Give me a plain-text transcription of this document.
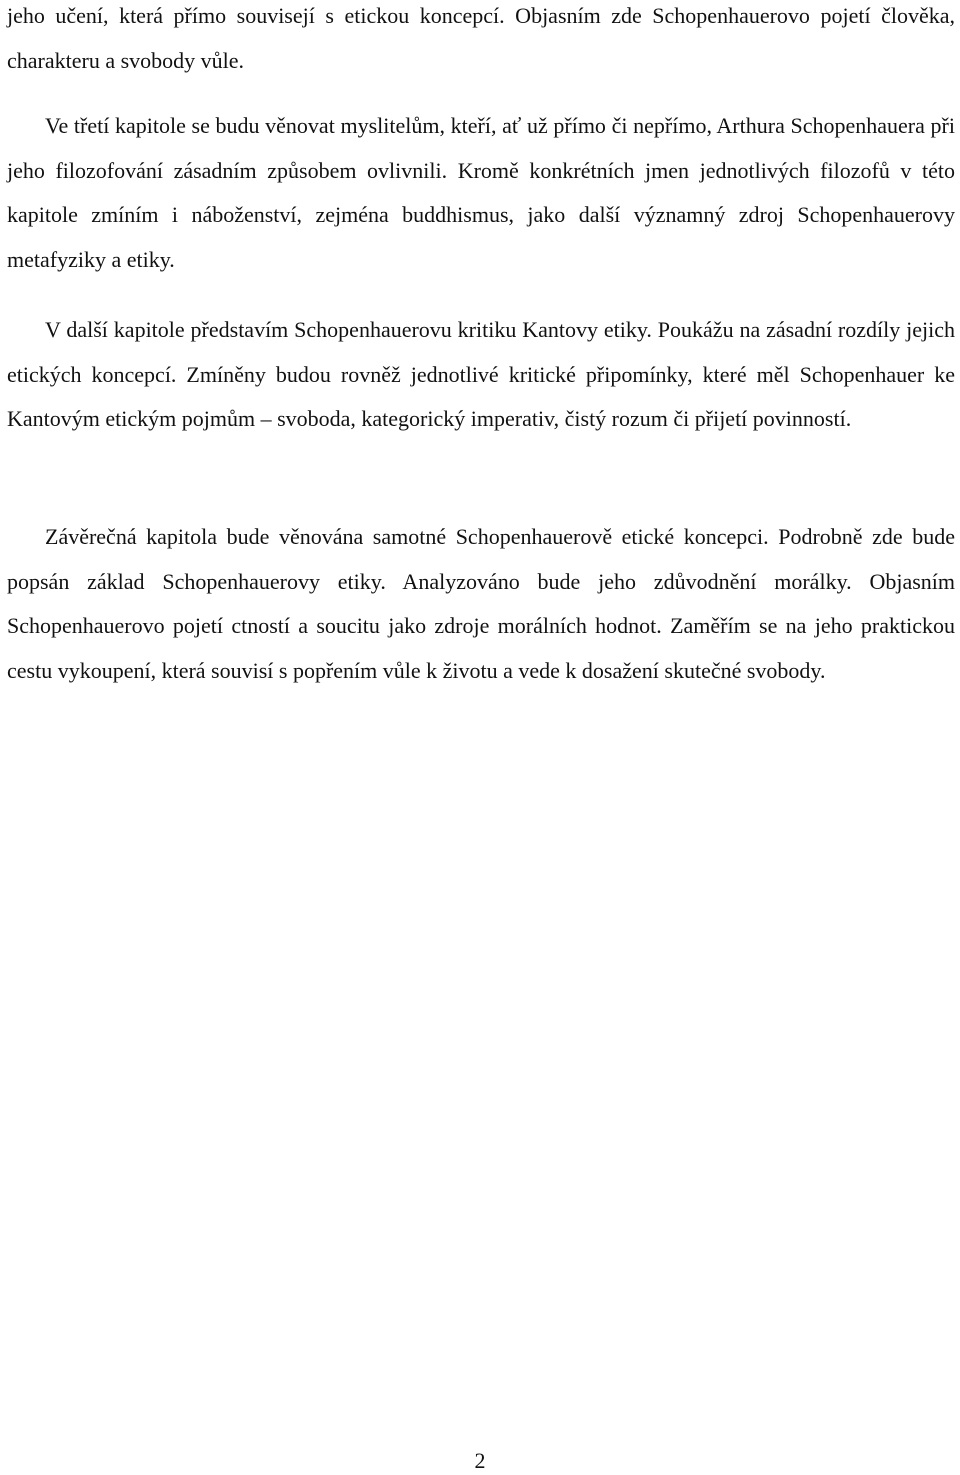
jeho učení, která přímo souvisejí s etickou koncepcí. Objasním zde Schopenhauerovo pojetí člověka, charakteru a svobody vůle.

Ve třetí kapitole se budu věnovat myslitelům, kteří, ať už přímo či nepřímo, Arthura Schopenhauera při jeho filozofování zásadním způsobem ovlivnili. Kromě konkrétních jmen jednotlivých filozofů v této kapitole zmíním i náboženství, zejména buddhismus, jako další významný zdroj Schopenhauerovy metafyziky a etiky.

V další kapitole představím Schopenhauerovu kritiku Kantovy etiky. Poukážu na zásadní rozdíly jejich etických koncepcí. Zmíněny budou rovněž jednotlivé kritické připomínky, které měl Schopenhauer ke Kantovým etickým pojmům – svoboda, kategorický imperativ, čistý rozum či přijetí povinností.

Závěrečná kapitola bude věnována samotné Schopenhauerově etické koncepci. Podrobně zde bude popsán základ Schopenhauerovy etiky. Analyzováno bude jeho zdůvodnění morálky. Objasním Schopenhauerovo pojetí ctností a soucitu jako zdroje morálních hodnot. Zaměřím se na jeho praktickou cestu vykoupení, která souvisí s popřením vůle k životu a vede k dosažení skutečné svobody.

2
